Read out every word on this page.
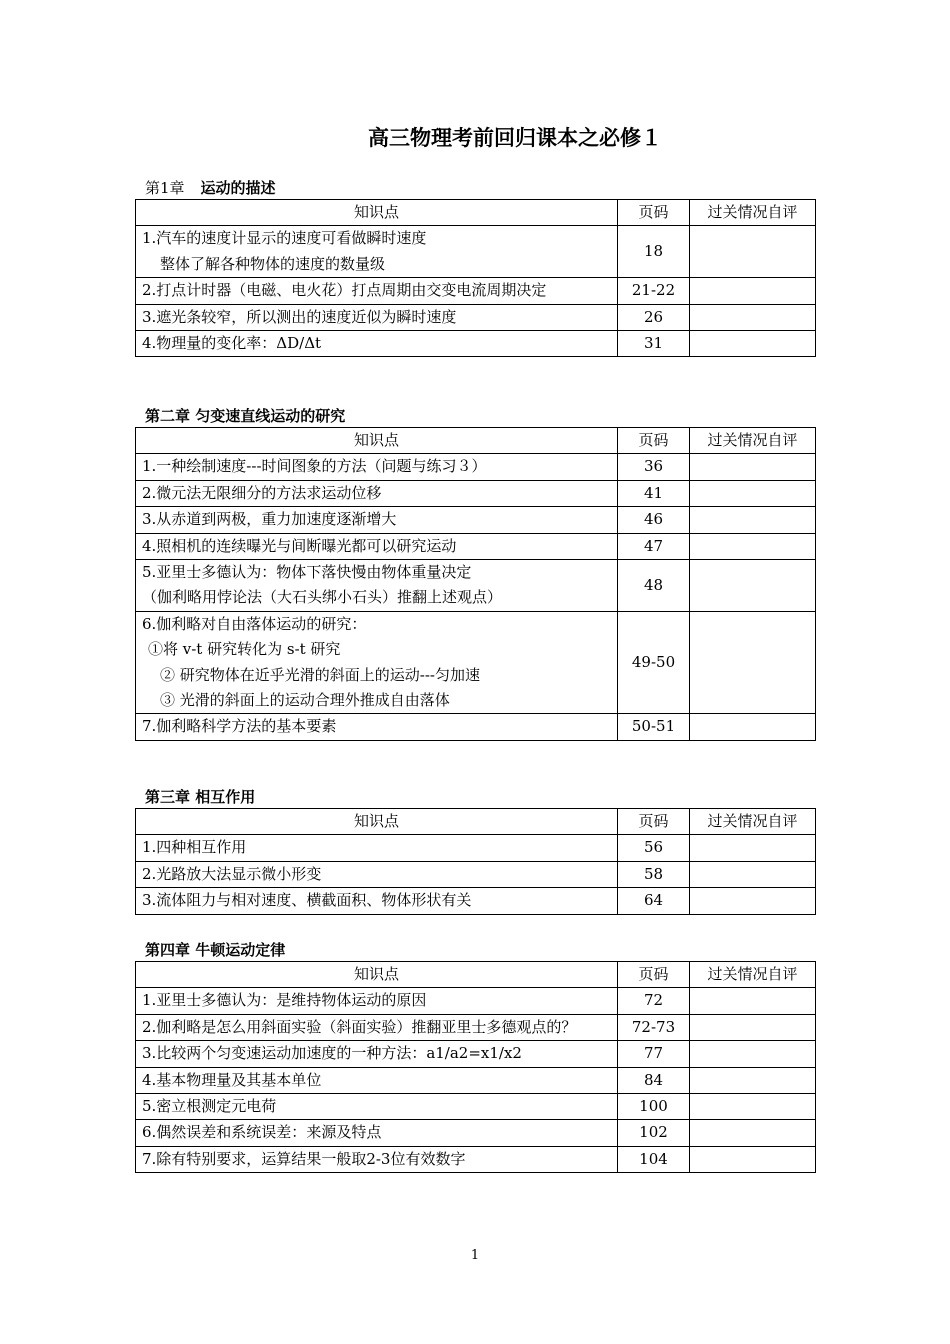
高三物理考前回归课本之必修１
第1章 运动的描述
知识点	页码	过关情况自评

1.汽车的速度计显示的速度可看做瞬时速度
整体了解各种物体的速度的数量级	18	

2.打点计时器（电磁、电火花）打点周期由交变电流周期决定	21-22	

3.遮光条较窄，所以测出的速度近似为瞬时速度	26	

4.物理量的变化率：ΔD/Δt	31	
第二章 匀变速直线运动的研究
知识点	页码	过关情况自评

1.一种绘制速度---时间图象的方法（问题与练习３）	36	

2.微元法无限细分的方法求运动位移	41	

3.从赤道到两极，重力加速度逐渐增大	46	

4.照相机的连续曝光与间断曝光都可以研究运动	47	

5.亚里士多德认为：物体下落快慢由物体重量决定
（伽利略用悖论法（大石头绑小石头）推翻上述观点）	48	

6.伽利略对自由落体运动的研究：
①将 v-t 研究转化为 s-t 研究
② 研究物体在近乎光滑的斜面上的运动---匀加速
③ 光滑的斜面上的运动合理外推成自由落体	49-50	

7.伽利略科学方法的基本要素	50-51	
第三章 相互作用
知识点	页码	过关情况自评

1.四种相互作用	56	

2.光路放大法显示微小形变	58	

3.流体阻力与相对速度、横截面积、物体形状有关	64	
第四章 牛顿运动定律
知识点	页码	过关情况自评

1.亚里士多德认为：是维持物体运动的原因	72	
2.伽利略是怎么用斜面实验（斜面实验）推翻亚里士多德观点的？	72-73	

3.比较两个匀变速运动加速度的一种方法：a1/a2=x1/x2	77	

4.基本物理量及其基本单位	84	

5.密立根测定元电荷	100	

6.偶然误差和系统误差：来源及特点	102	

7.除有特别要求，运算结果一般取2-3位有效数字	104	
1
